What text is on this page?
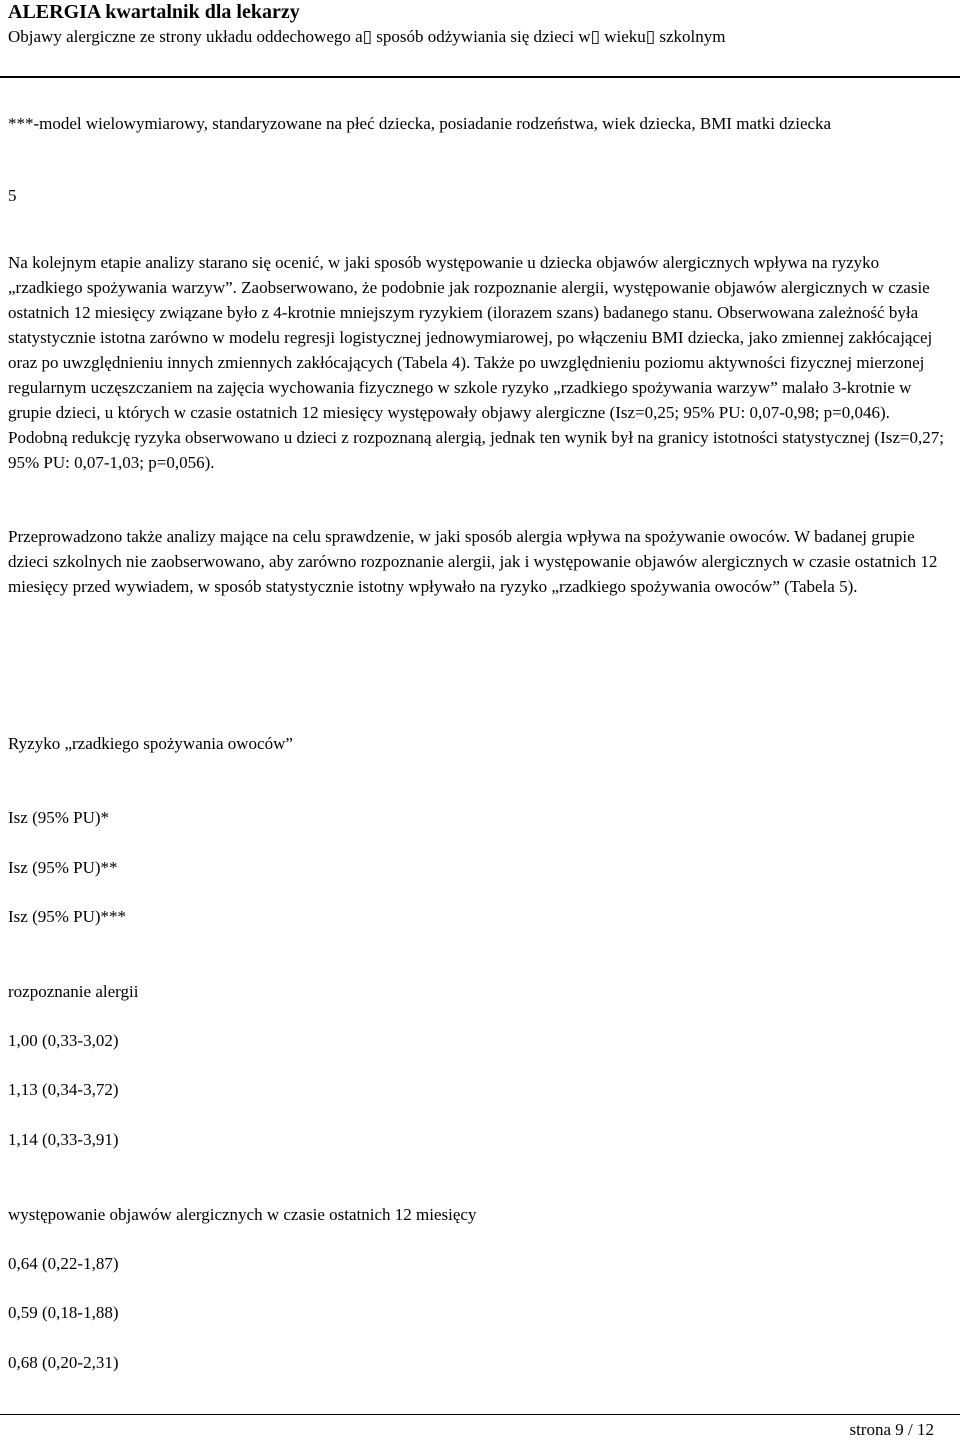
ALERGIA kwartalnik dla lekarzy
Objawy alergiczne ze strony układu oddechowego a▯ sposób odżywiania się dzieci w▯ wieku▯ szkolnym

***-model wielowymiarowy, standaryzowane na płeć dziecka, posiadanie rodzeństwa, wiek dziecka, BMI matki dziecka

5

Na kolejnym etapie analizy starano się ocenić, w jaki sposób występowanie u dziecka objawów alergicznych wpływa na ryzyko „rzadkiego spożywania warzyw”. Zaobserwowano, że podobnie jak rozpoznanie alergii, występowanie objawów alergicznych w czasie ostatnich 12 miesięcy związane było z 4-krotnie mniejszym ryzykiem (ilorazem szans) badanego stanu. Obserwowana zależność była statystycznie istotna zarówno w modelu regresji logistycznej jednowymiarowej, po włączeniu BMI dziecka, jako zmiennej zakłócającej oraz po uwzględnieniu innych zmiennych zakłócających (Tabela 4). Także po uwzględnieniu poziomu aktywności fizycznej mierzonej regularnym uczęszczaniem na zajęcia wychowania fizycznego w szkole ryzyko „rzadkiego spożywania warzyw” malało 3-krotnie w grupie dzieci, u których w czasie ostatnich 12 miesięcy występowały objawy alergiczne (Isz=0,25; 95% PU: 0,07-0,98; p=0,046). Podobną redukcję ryzyka obserwowano u dzieci z rozpoznaną alergią, jednak ten wynik był na granicy istotności statystycznej (Isz=0,27; 95% PU: 0,07-1,03; p=0,056).

Przeprowadzono także analizy mające na celu sprawdzenie, w jaki sposób alergia wpływa na spożywanie owoców. W badanej grupie dzieci szkolnych nie zaobserwowano, aby zarówno rozpoznanie alergii, jak i występowanie objawów alergicznych w czasie ostatnich 12 miesięcy przed wywiadem, w sposób statystycznie istotny wpływało na ryzyko „rzadkiego spożywania owoców” (Tabela 5).

Ryzyko „rzadkiego spożywania owoców”
Isz (95% PU)*
Isz (95% PU)**
Isz (95% PU)***
rozpoznanie alergii
1,00 (0,33-3,02)
1,13 (0,34-3,72)
1,14 (0,33-3,91)
występowanie objawów alergicznych w czasie ostatnich 12 miesięcy
0,64 (0,22-1,87)
0,59 (0,18-1,88)
0,68 (0,20-2,31)
strona 9 / 12
